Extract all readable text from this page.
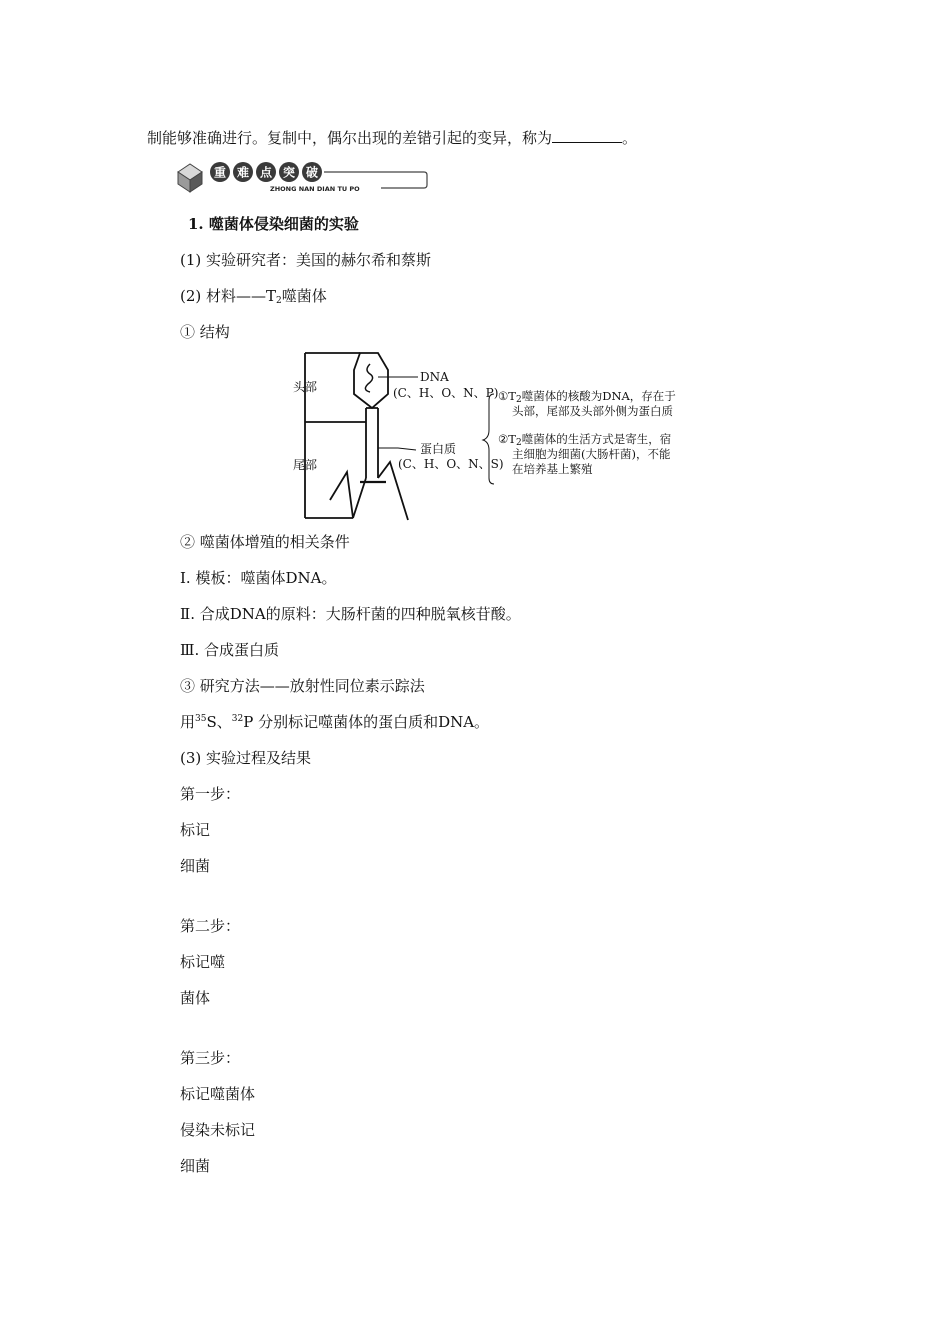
制能够准确进行。复制中，偶尔出现的差错引起的变异，称为	。
重 难 点 突 破
ZHONG NAN DIAN TU PO
1. 噬菌体侵染细菌的实验
(1) 实验研究者：美国的赫尔希和蔡斯
(2) 材料$——T_2$噬菌体
① 结构
头部
尾部
DNA
(C、H、O、N、P)
蛋白质
(C、H、O、N、S)
$①T_2$噬菌体的核酸为DNA，存在于
头部，尾部及头部外侧为蛋白质
$②T_2$噬菌体的生活方式是寄生，宿
主细胞为细菌(大肠杆菌)，不能
在培养基上繁殖
② 噬菌体增殖的相关条件
Ⅰ. 模板：噬菌体DNA。
Ⅱ. 合成DNA的原料：大肠杆菌的四种脱氧核苷酸。
Ⅲ. 合成蛋白质
③ 研究方法——放射性同位素示踪法
用$^{35}$S、$^{32}$P 分别标记噬菌体的蛋白质和DNA。
(3) 实验过程及结果
第一步：
标记
细菌
第二步：
标记噬
菌体
第三步：
标记噬菌体
侵染未标记
细菌
